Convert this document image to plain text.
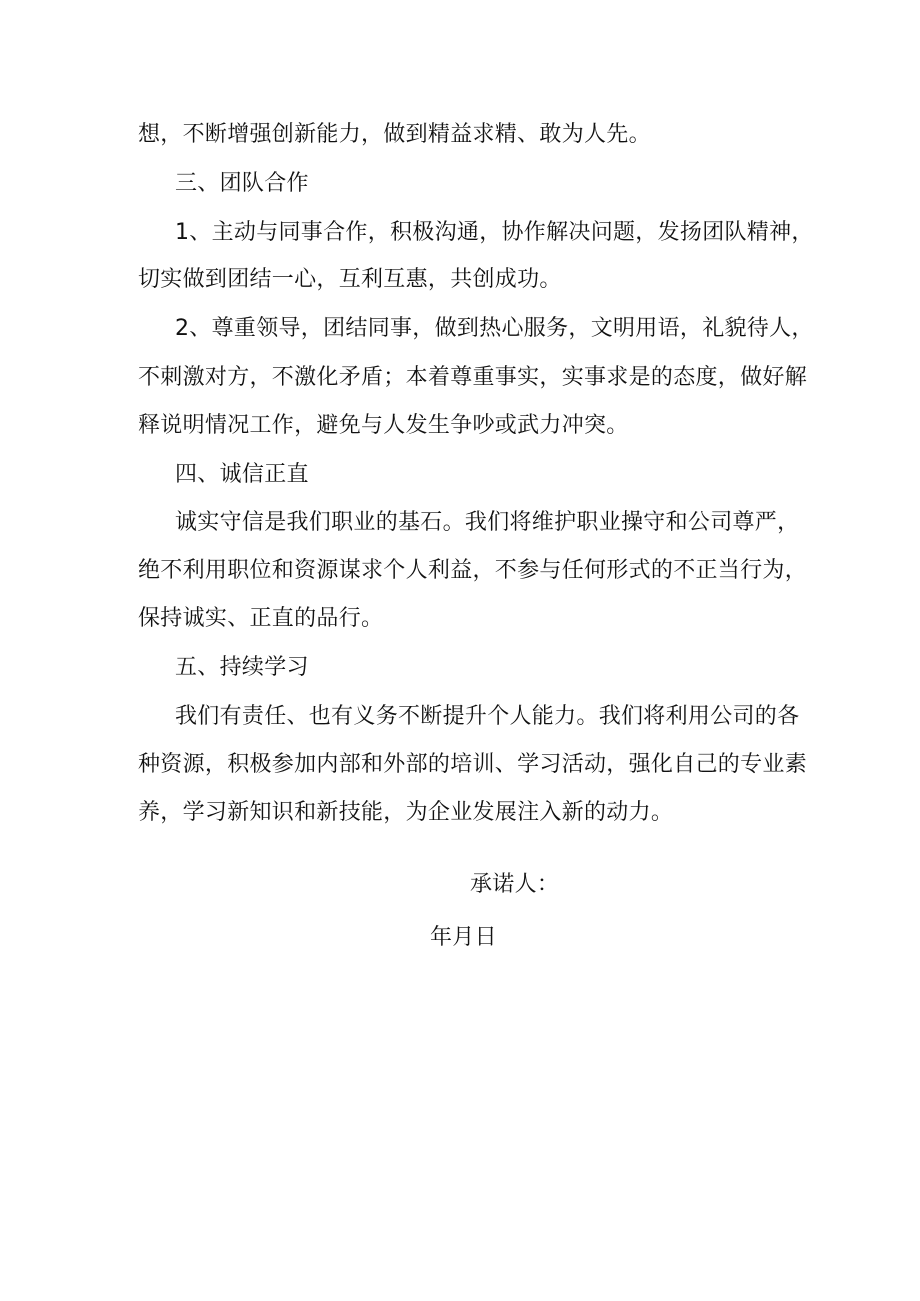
想，不断增强创新能力，做到精益求精、敢为人先。
三、团队合作
1、主动与同事合作，积极沟通，协作解决问题，发扬团队精神，
切实做到团结一心，互利互惠，共创成功。
2、尊重领导，团结同事，做到热心服务，文明用语，礼貌待人，
不刺激对方，不激化矛盾；本着尊重事实，实事求是的态度，做好解
释说明情况工作，避免与人发生争吵或武力冲突。
四、诚信正直
诚实守信是我们职业的基石。我们将维护职业操守和公司尊严，
绝不利用职位和资源谋求个人利益，不参与任何形式的不正当行为，
保持诚实、正直的品行。
五、持续学习
我们有责任、也有义务不断提升个人能力。我们将利用公司的各
种资源，积极参加内部和外部的培训、学习活动，强化自己的专业素
养，学习新知识和新技能，为企业发展注入新的动力。
承诺人：
年月日
